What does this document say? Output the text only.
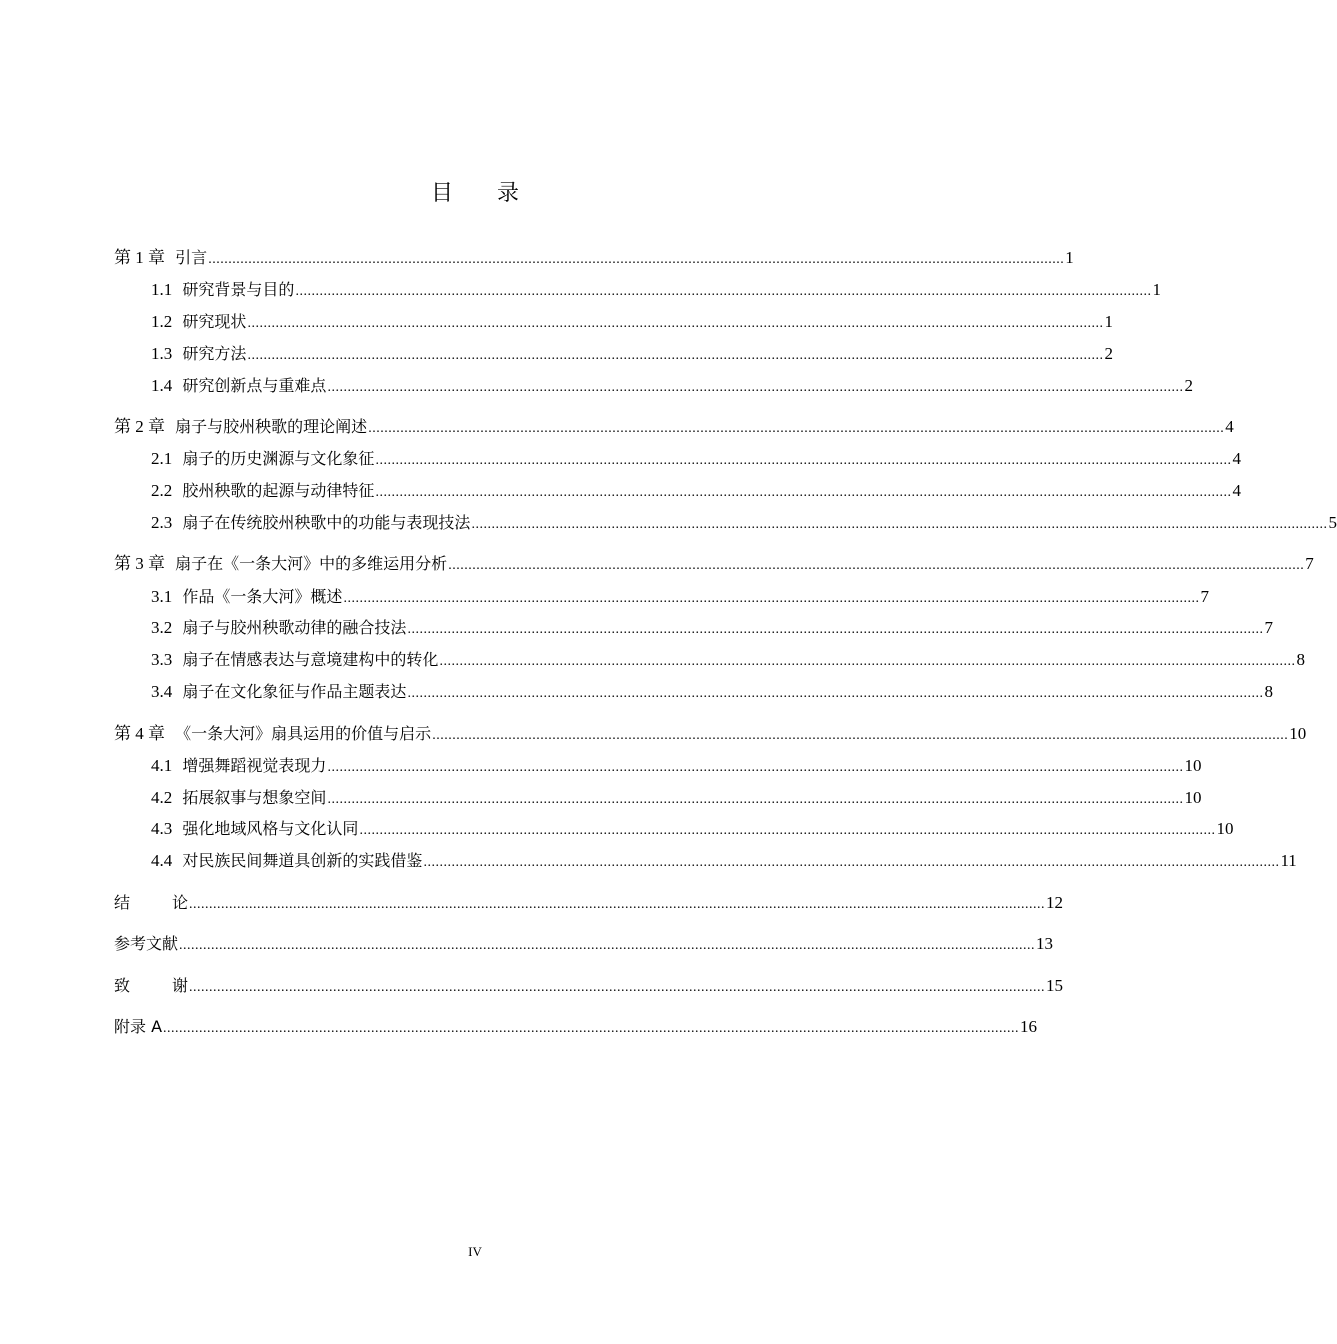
目 录
第 1 章 引言 ...................................................................................................................................................................................................................... 1
1.1 研究背景与目的 ...................................................................................................................................................................................................................... 1
1.2 研究现状 ...................................................................................................................................................................................................................... 1
1.3 研究方法 ...................................................................................................................................................................................................................... 2
1.4 研究创新点与重难点 ...................................................................................................................................................................................................................... 2
第 2 章 扇子与胶州秧歌的理论阐述 ...................................................................................................................................................................................................................... 4
2.1 扇子的历史渊源与文化象征 ...................................................................................................................................................................................................................... 4
2.2 胶州秧歌的起源与动律特征 ...................................................................................................................................................................................................................... 4
2.3 扇子在传统胶州秧歌中的功能与表现技法 ...................................................................................................................................................................................................................... 5
第 3 章 扇子在《一条大河》中的多维运用分析 ...................................................................................................................................................................................................................... 7
3.1 作品《一条大河》概述 ...................................................................................................................................................................................................................... 7
3.2 扇子与胶州秧歌动律的融合技法 ...................................................................................................................................................................................................................... 7
3.3 扇子在情感表达与意境建构中的转化 ...................................................................................................................................................................................................................... 8
3.4 扇子在文化象征与作品主题表达 ...................................................................................................................................................................................................................... 8
第 4 章 《一条大河》扇具运用的价值与启示 ...................................................................................................................................................................................................................... 10
4.1 增强舞蹈视觉表现力 ...................................................................................................................................................................................................................... 10
4.2 拓展叙事与想象空间 ...................................................................................................................................................................................................................... 10
4.3 强化地域风格与文化认同 ...................................................................................................................................................................................................................... 10
4.4 对民族民间舞道具创新的实践借鉴 ...................................................................................................................................................................................................................... 11
结	论 ...................................................................................................................................................................................................................... 12
参考文献 ...................................................................................................................................................................................................................... 13
致	谢 ...................................................................................................................................................................................................................... 15
附录 A ...................................................................................................................................................................................................................... 16
IV
